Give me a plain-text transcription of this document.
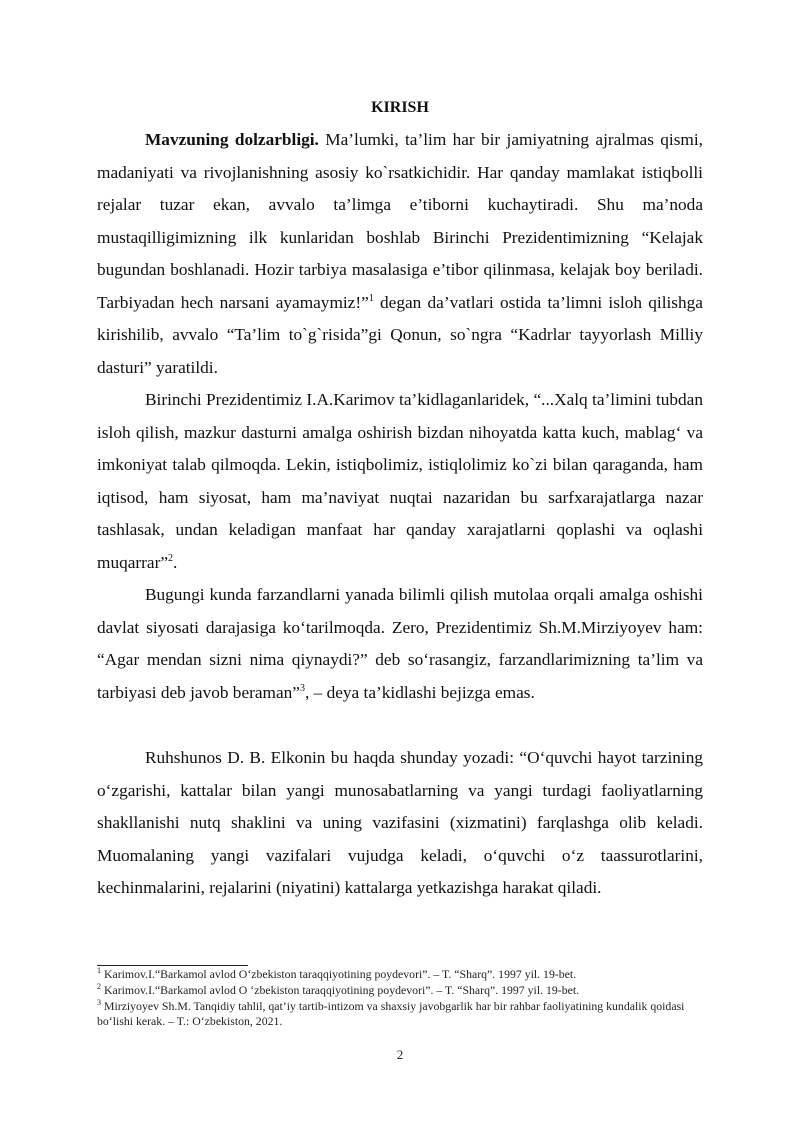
KIRISH

Mavzuning dolzarbligi. Ma’lumki, ta’lim har bir jamiyatning ajralmas qismi, madaniyati va rivojlanishning asosiy ko`rsatkichidir. Har qanday mamlakat istiqbolli rejalar tuzar ekan, avvalo ta’limga e’tiborni kuchaytiradi. Shu ma’noda mustaqilligimizning ilk kunlaridan boshlab Birinchi Prezidentimizning “Kelajak bugundan boshlanadi. Hozir tarbiya masalasiga e’tibor qilinmasa, kelajak boy beriladi. Tarbiyadan hech narsani ayamaymiz!”$^1$ degan da’vatlari ostida ta’limni isloh qilishga kirishilib, avvalo “Ta’lim to`g`risida”gi Qonun, so`ngra “Kadrlar tayyorlash Milliy dasturi” yaratildi.

Birinchi Prezidentimiz I.A.Karimov ta’kidlaganlaridek, “...Xalq ta’limini tubdan isloh qilish, mazkur dasturni amalga oshirish bizdan nihoyatda katta kuch, mablag‘ va imkoniyat talab qilmoqda. Lekin, istiqbolimiz, istiqlolimiz ko`zi bilan qaraganda, ham iqtisod, ham siyosat, ham ma’naviyat nuqtai nazaridan bu sarfxarajatlarga nazar tashlasak, undan keladigan manfaat har qanday xarajatlarni qoplashi va oqlashi muqarrar”$^2$.

Bugungi kunda farzandlarni yanada bilimli qilish mutolaa orqali amalga oshishi davlat siyosati darajasiga ko‘tarilmoqda. Zero, Prezidentimiz Sh.M.Mirziyoyev ham: “Agar mendan sizni nima qiynaydi?” deb so‘rasangiz, farzandlarimizning ta’lim va tarbiyasi deb javob beraman”$^3$, – deya ta’kidlashi bejizga emas.

Ruhshunos D. B. Elkonin bu haqda shunday yozadi: “O‘quvchi hayot tarzining o‘zgarishi, kattalar bilan yangi munosabatlarning va yangi turdagi faoliyatlarning shakllanishi nutq shaklini va uning vazifasini (xizmatini) farqlashga olib keladi. Muomalaning yangi vazifalari vujudga keladi, o‘quvchi o‘z taassurotlarini, kechinmalarini, rejalarini (niyatini) kattalarga yetkazishga harakat qiladi.

$^1$ Karimov.I.“Barkamol avlod O‘zbekiston taraqqiyotining poydevori”. – T. “Sharq”. 1997 yil. 19-bet.

$^2$ Karimov.I.“Barkamol avlod O ‘zbekiston taraqqiyotining poydevori”. – T. “Sharq”. 1997 yil. 19-bet.

$^3$ Mirziyoyev Sh.M. Tanqidiy tahlil, qat’iy tartib-intizom va shaxsiy javobgarlik har bir rahbar faoliyatining kundalik qoidasi bo‘lishi kerak. – T.: O‘zbekiston, 2021.

2
